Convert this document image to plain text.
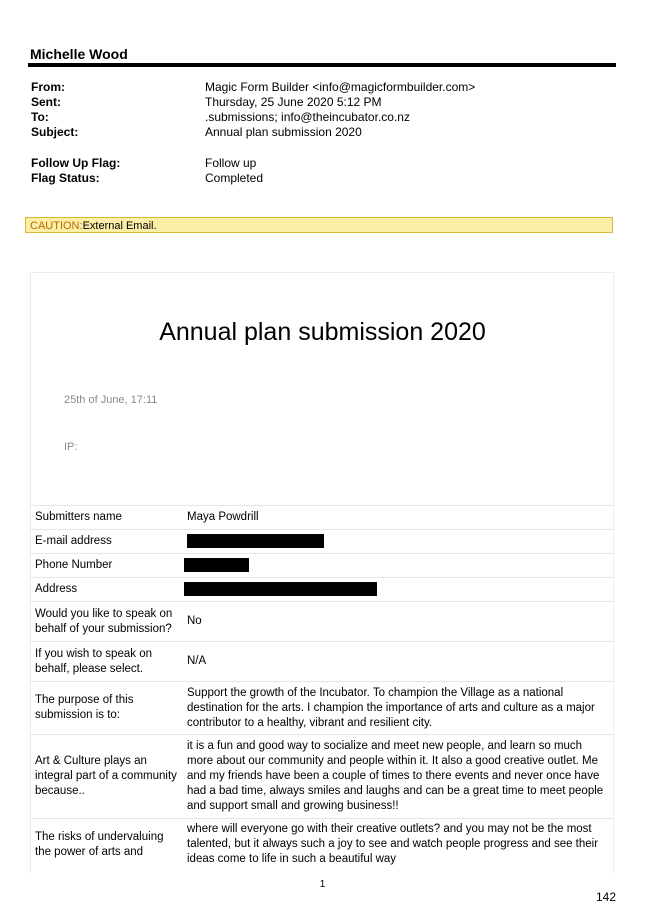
Michelle Wood
From:	Magic Form Builder <info@magicformbuilder.com>
Sent:	Thursday, 25 June 2020 5:12 PM
To:	.submissions; info@theincubator.co.nz
Subject:	Annual plan submission 2020
Follow Up Flag:	Follow up
Flag Status:	Completed
CAUTION:External Email.
Annual plan submission 2020
25th of June, 17:11
IP:
Submitters name	Maya Powdrill
E-mail address	
Phone Number	
Address	
Would you like to speak on behalf of your submission?	No
If you wish to speak on behalf, please select.	N/A
The purpose of this submission is to:	Support the growth of the Incubator. To champion the Village as a national destination for the arts. I champion the importance of arts and culture as a major contributor to a healthy, vibrant and resilient city.
Art & Culture plays an integral part of a community because..	it is a fun and good way to socialize and meet new people, and learn so much more about our community and people within it. It also a good creative outlet. Me and my friends have been a couple of times to there events and never once have had a bad time, always smiles and laughs and can be a great time to meet people and support small and growing business!!
The risks of undervaluing the power of arts and	where will everyone go with their creative outlets? and you may not be the most talented, but it always such a joy to see and watch people progress and see their ideas come to life in such a beautiful way
1
142
